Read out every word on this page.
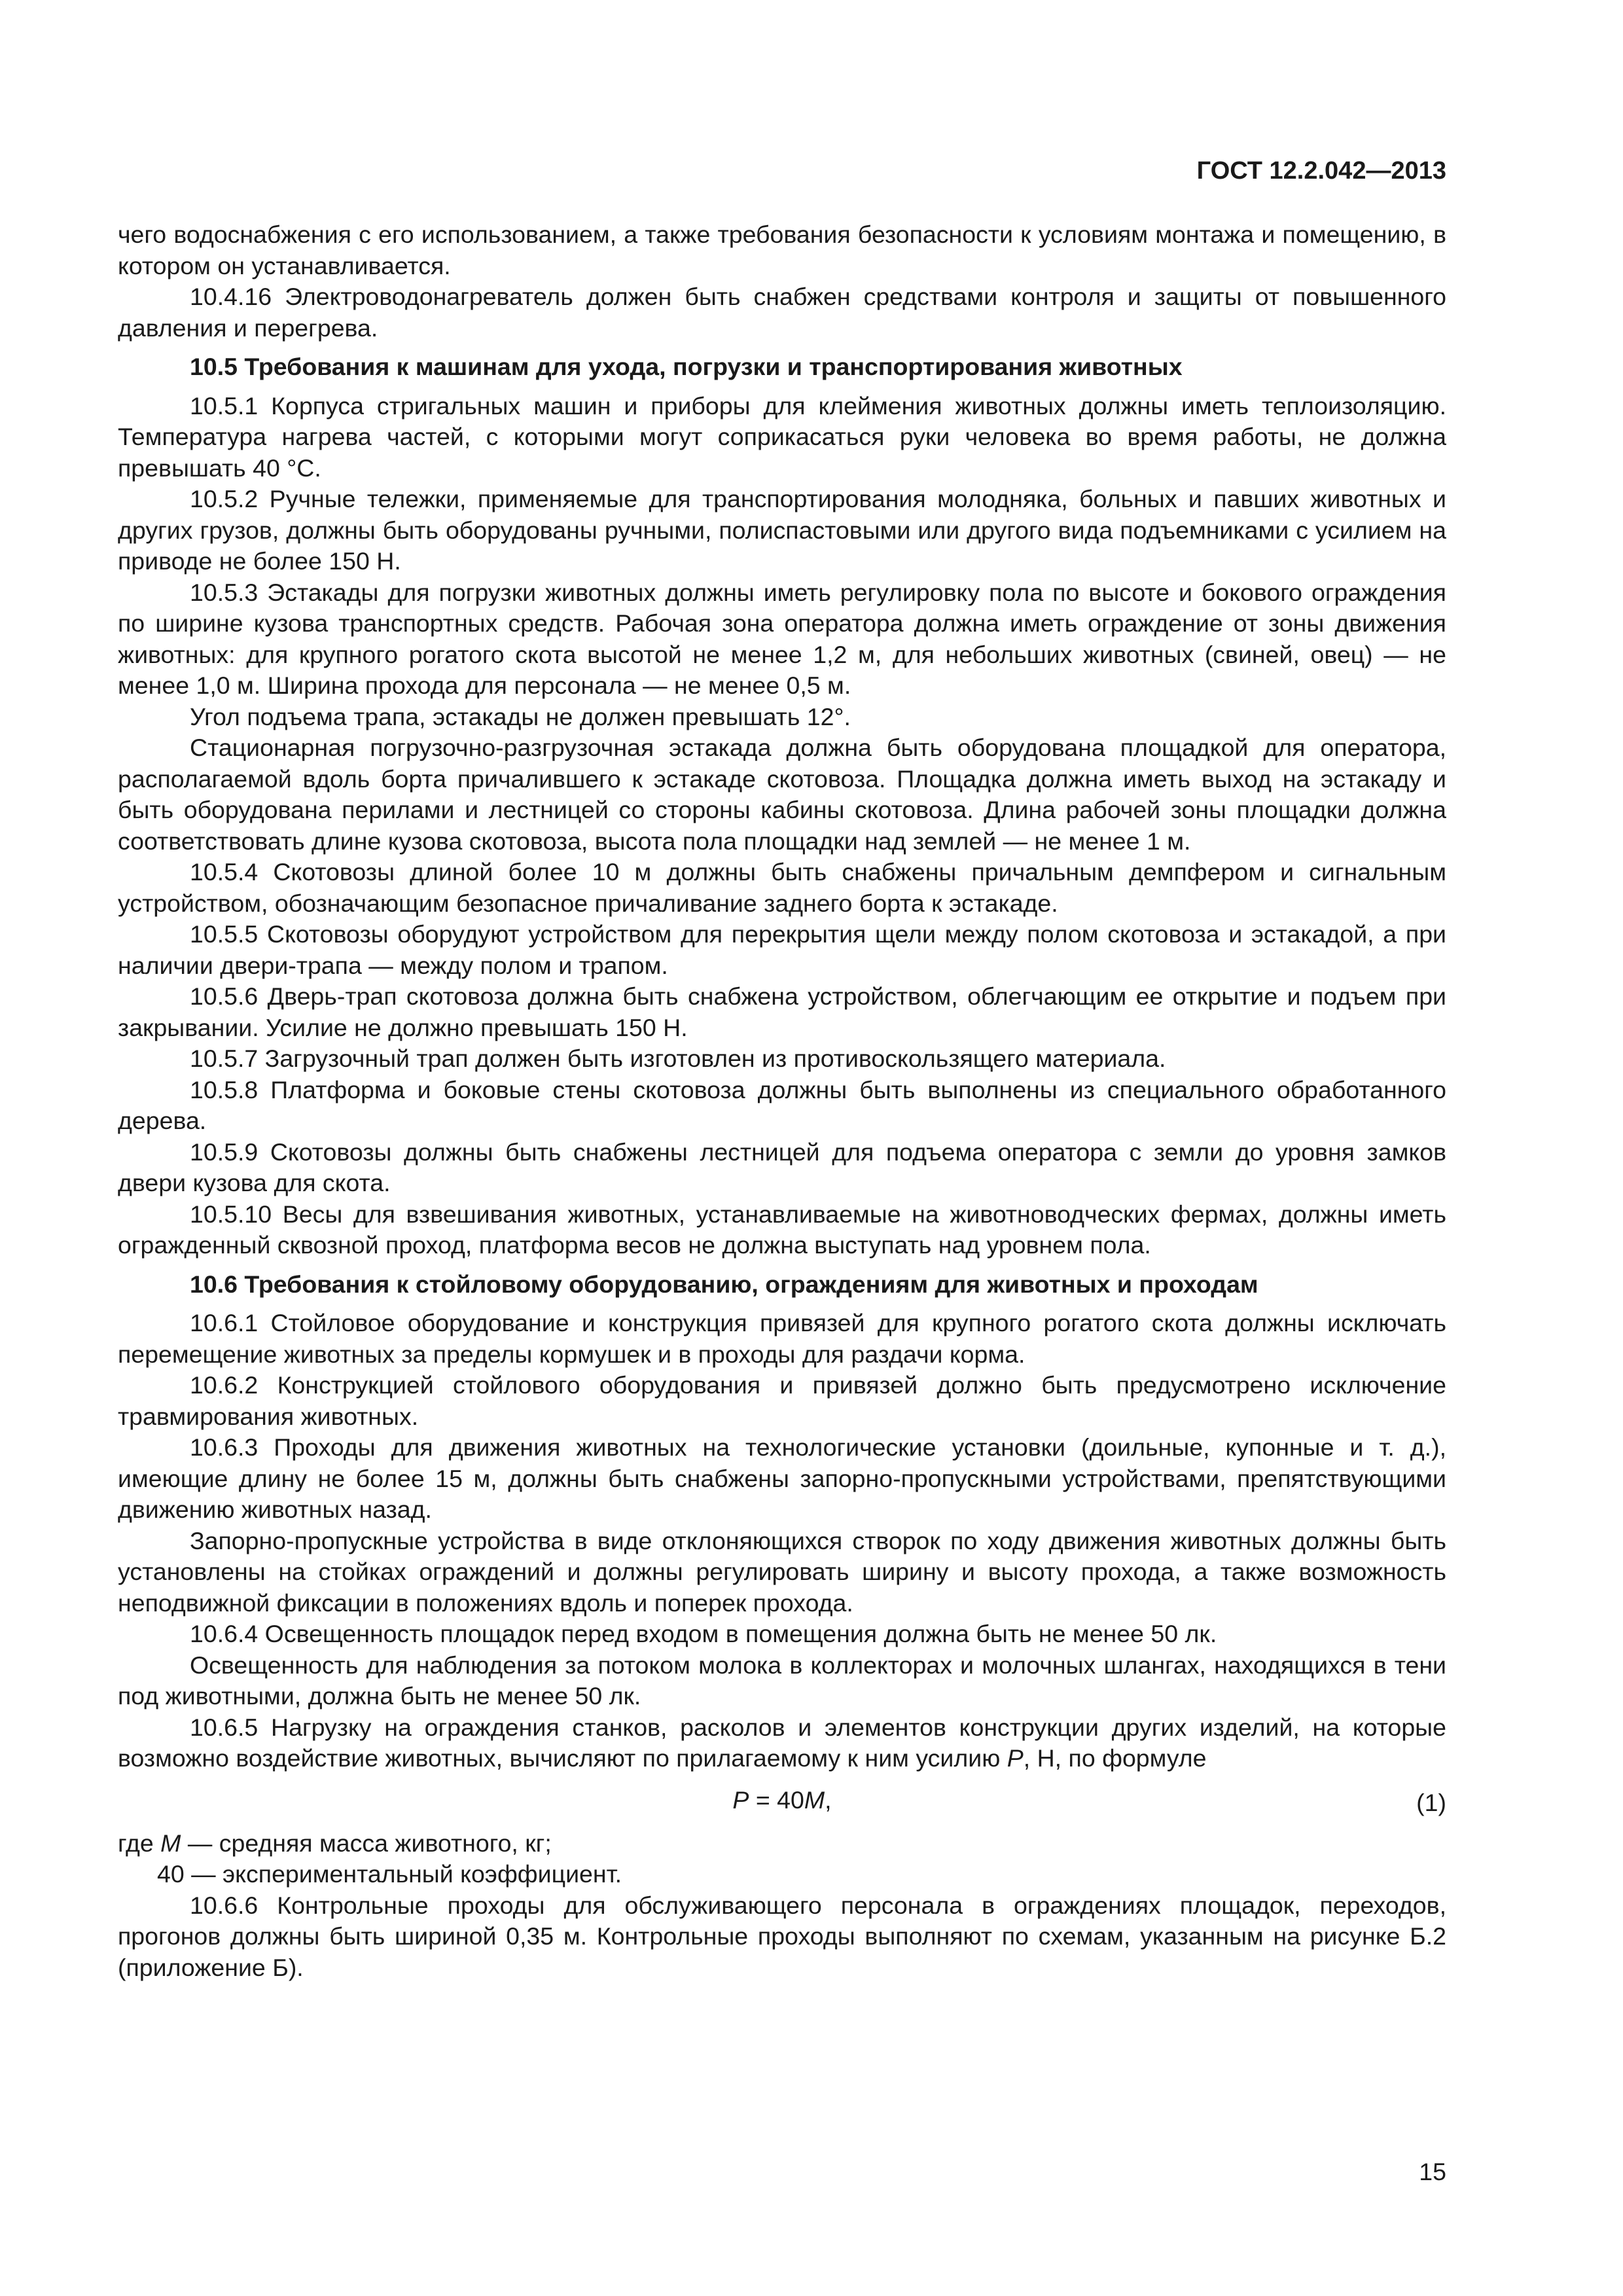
ГОСТ 12.2.042—2013

чего водоснабжения с его использованием, а также требования безопасности к условиям монтажа и помещению, в котором он устанавливается.

10.4.16 Электроводонагреватель должен быть снабжен средствами контроля и защиты от повышенного давления и перегрева.

10.5 Требования к машинам для ухода, погрузки и транспортирования животных

10.5.1 Корпуса стригальных машин и приборы для клеймения животных должны иметь теплоизоляцию. Температура нагрева частей, с которыми могут соприкасаться руки человека во время работы, не должна превышать 40 °С.

10.5.2 Ручные тележки, применяемые для транспортирования молодняка, больных и павших животных и других грузов, должны быть оборудованы ручными, полиспастовыми или другого вида подъемниками с усилием на приводе не более 150 Н.

10.5.3 Эстакады для погрузки животных должны иметь регулировку пола по высоте и бокового ограждения по ширине кузова транспортных средств. Рабочая зона оператора должна иметь ограждение от зоны движения животных: для крупного рогатого скота высотой не менее 1,2 м, для небольших животных (свиней, овец) — не менее 1,0 м. Ширина прохода для персонала — не менее 0,5 м.

Угол подъема трапа, эстакады не должен превышать 12°.

Стационарная погрузочно-разгрузочная эстакада должна быть оборудована площадкой для оператора, располагаемой вдоль борта причалившего к эстакаде скотовоза. Площадка должна иметь выход на эстакаду и быть оборудована перилами и лестницей со стороны кабины скотовоза. Длина рабочей зоны площадки должна соответствовать длине кузова скотовоза, высота пола площадки над землей — не менее 1 м.

10.5.4 Скотовозы длиной более 10 м должны быть снабжены причальным демпфером и сигнальным устройством, обозначающим безопасное причаливание заднего борта к эстакаде.

10.5.5 Скотовозы оборудуют устройством для перекрытия щели между полом скотовоза и эстакадой, а при наличии двери-трапа — между полом и трапом.

10.5.6 Дверь-трап скотовоза должна быть снабжена устройством, облегчающим ее открытие и подъем при закрывании. Усилие не должно превышать 150 Н.

10.5.7 Загрузочный трап должен быть изготовлен из противоскользящего материала.

10.5.8 Платформа и боковые стены скотовоза должны быть выполнены из специального обработанного дерева.

10.5.9 Скотовозы должны быть снабжены лестницей для подъема оператора с земли до уровня замков двери кузова для скота.

10.5.10 Весы для взвешивания животных, устанавливаемые на животноводческих фермах, должны иметь огражденный сквозной проход, платформа весов не должна выступать над уровнем пола.

10.6 Требования к стойловому оборудованию, ограждениям для животных и проходам

10.6.1 Стойловое оборудование и конструкция привязей для крупного рогатого скота должны исключать перемещение животных за пределы кормушек и в проходы для раздачи корма.

10.6.2 Конструкцией стойлового оборудования и привязей должно быть предусмотрено исключение травмирования животных.

10.6.3 Проходы для движения животных на технологические установки (доильные, купонные и т. д.), имеющие длину не более 15 м, должны быть снабжены запорно-пропускными устройствами, препятствующими движению животных назад.

Запорно-пропускные устройства в виде отклоняющихся створок по ходу движения животных должны быть установлены на стойках ограждений и должны регулировать ширину и высоту прохода, а также возможность неподвижной фиксации в положениях вдоль и поперек прохода.

10.6.4 Освещенность площадок перед входом в помещения должна быть не менее 50 лк.

Освещенность для наблюдения за потоком молока в коллекторах и молочных шлангах, находящихся в тени под животными, должна быть не менее 50 лк.

10.6.5 Нагрузку на ограждения станков, расколов и элементов конструкции других изделий, на которые возможно воздействие животных, вычисляют по прилагаемому к ним усилию Р, Н, по формуле

Р = 40М,	(1)

где М — средняя масса животного, кг;

40 — экспериментальный коэффициент.

10.6.6 Контрольные проходы для обслуживающего персонала в ограждениях площадок, переходов, прогонов должны быть шириной 0,35 м. Контрольные проходы выполняют по схемам, указанным на рисунке Б.2 (приложение Б).

15
